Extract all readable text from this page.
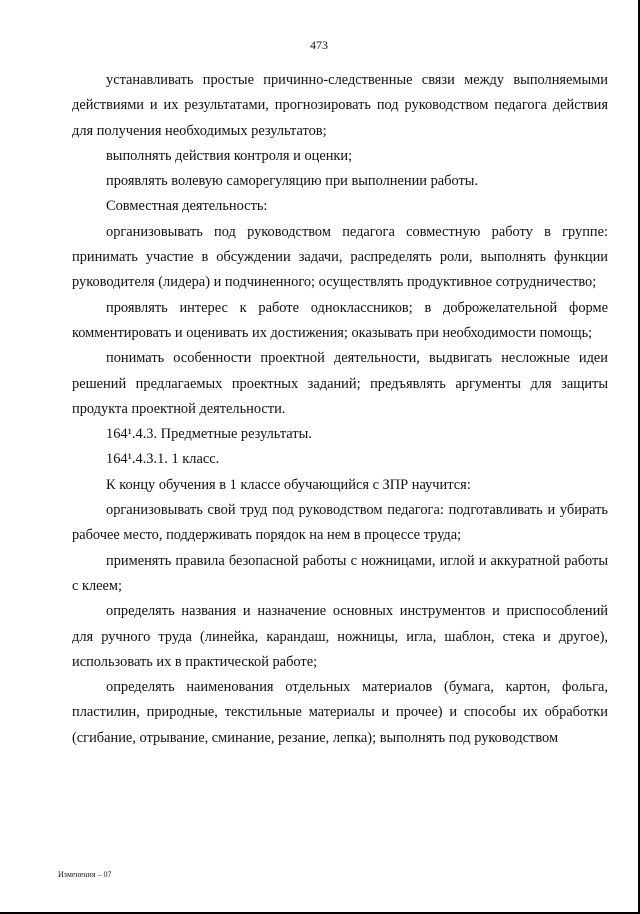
473

устанавливать простые причинно-следственные связи между выполняемыми действиями и их результатами, прогнозировать под руководством педагога действия для получения необходимых результатов;

выполнять действия контроля и оценки;

проявлять волевую саморегуляцию при выполнении работы.

Совместная деятельность:

организовывать под руководством педагога совместную работу в группе: принимать участие в обсуждении задачи, распределять роли, выполнять функции руководителя (лидера) и подчиненного; осуществлять продуктивное сотрудничество;

проявлять интерес к работе одноклассников; в доброжелательной форме комментировать и оценивать их достижения; оказывать при необходимости помощь;

понимать особенности проектной деятельности, выдвигать несложные идеи решений предлагаемых проектных заданий; предъявлять аргументы для защиты продукта проектной деятельности.

164¹.4.3. Предметные результаты.

164¹.4.3.1. 1 класс.

К концу обучения в 1 классе обучающийся с ЗПР научится:

организовывать свой труд под руководством педагога: подготавливать и убирать рабочее место, поддерживать порядок на нем в процессе труда;

применять правила безопасной работы с ножницами, иглой и аккуратной работы с клеем;

определять названия и назначение основных инструментов и приспособлений для ручного труда (линейка, карандаш, ножницы, игла, шаблон, стека и другое), использовать их в практической работе;

определять наименования отдельных материалов (бумага, картон, фольга, пластилин, природные, текстильные материалы и прочее) и способы их обработки (сгибание, отрывание, сминание, резание, лепка); выполнять под руководством

Изменения – 07
